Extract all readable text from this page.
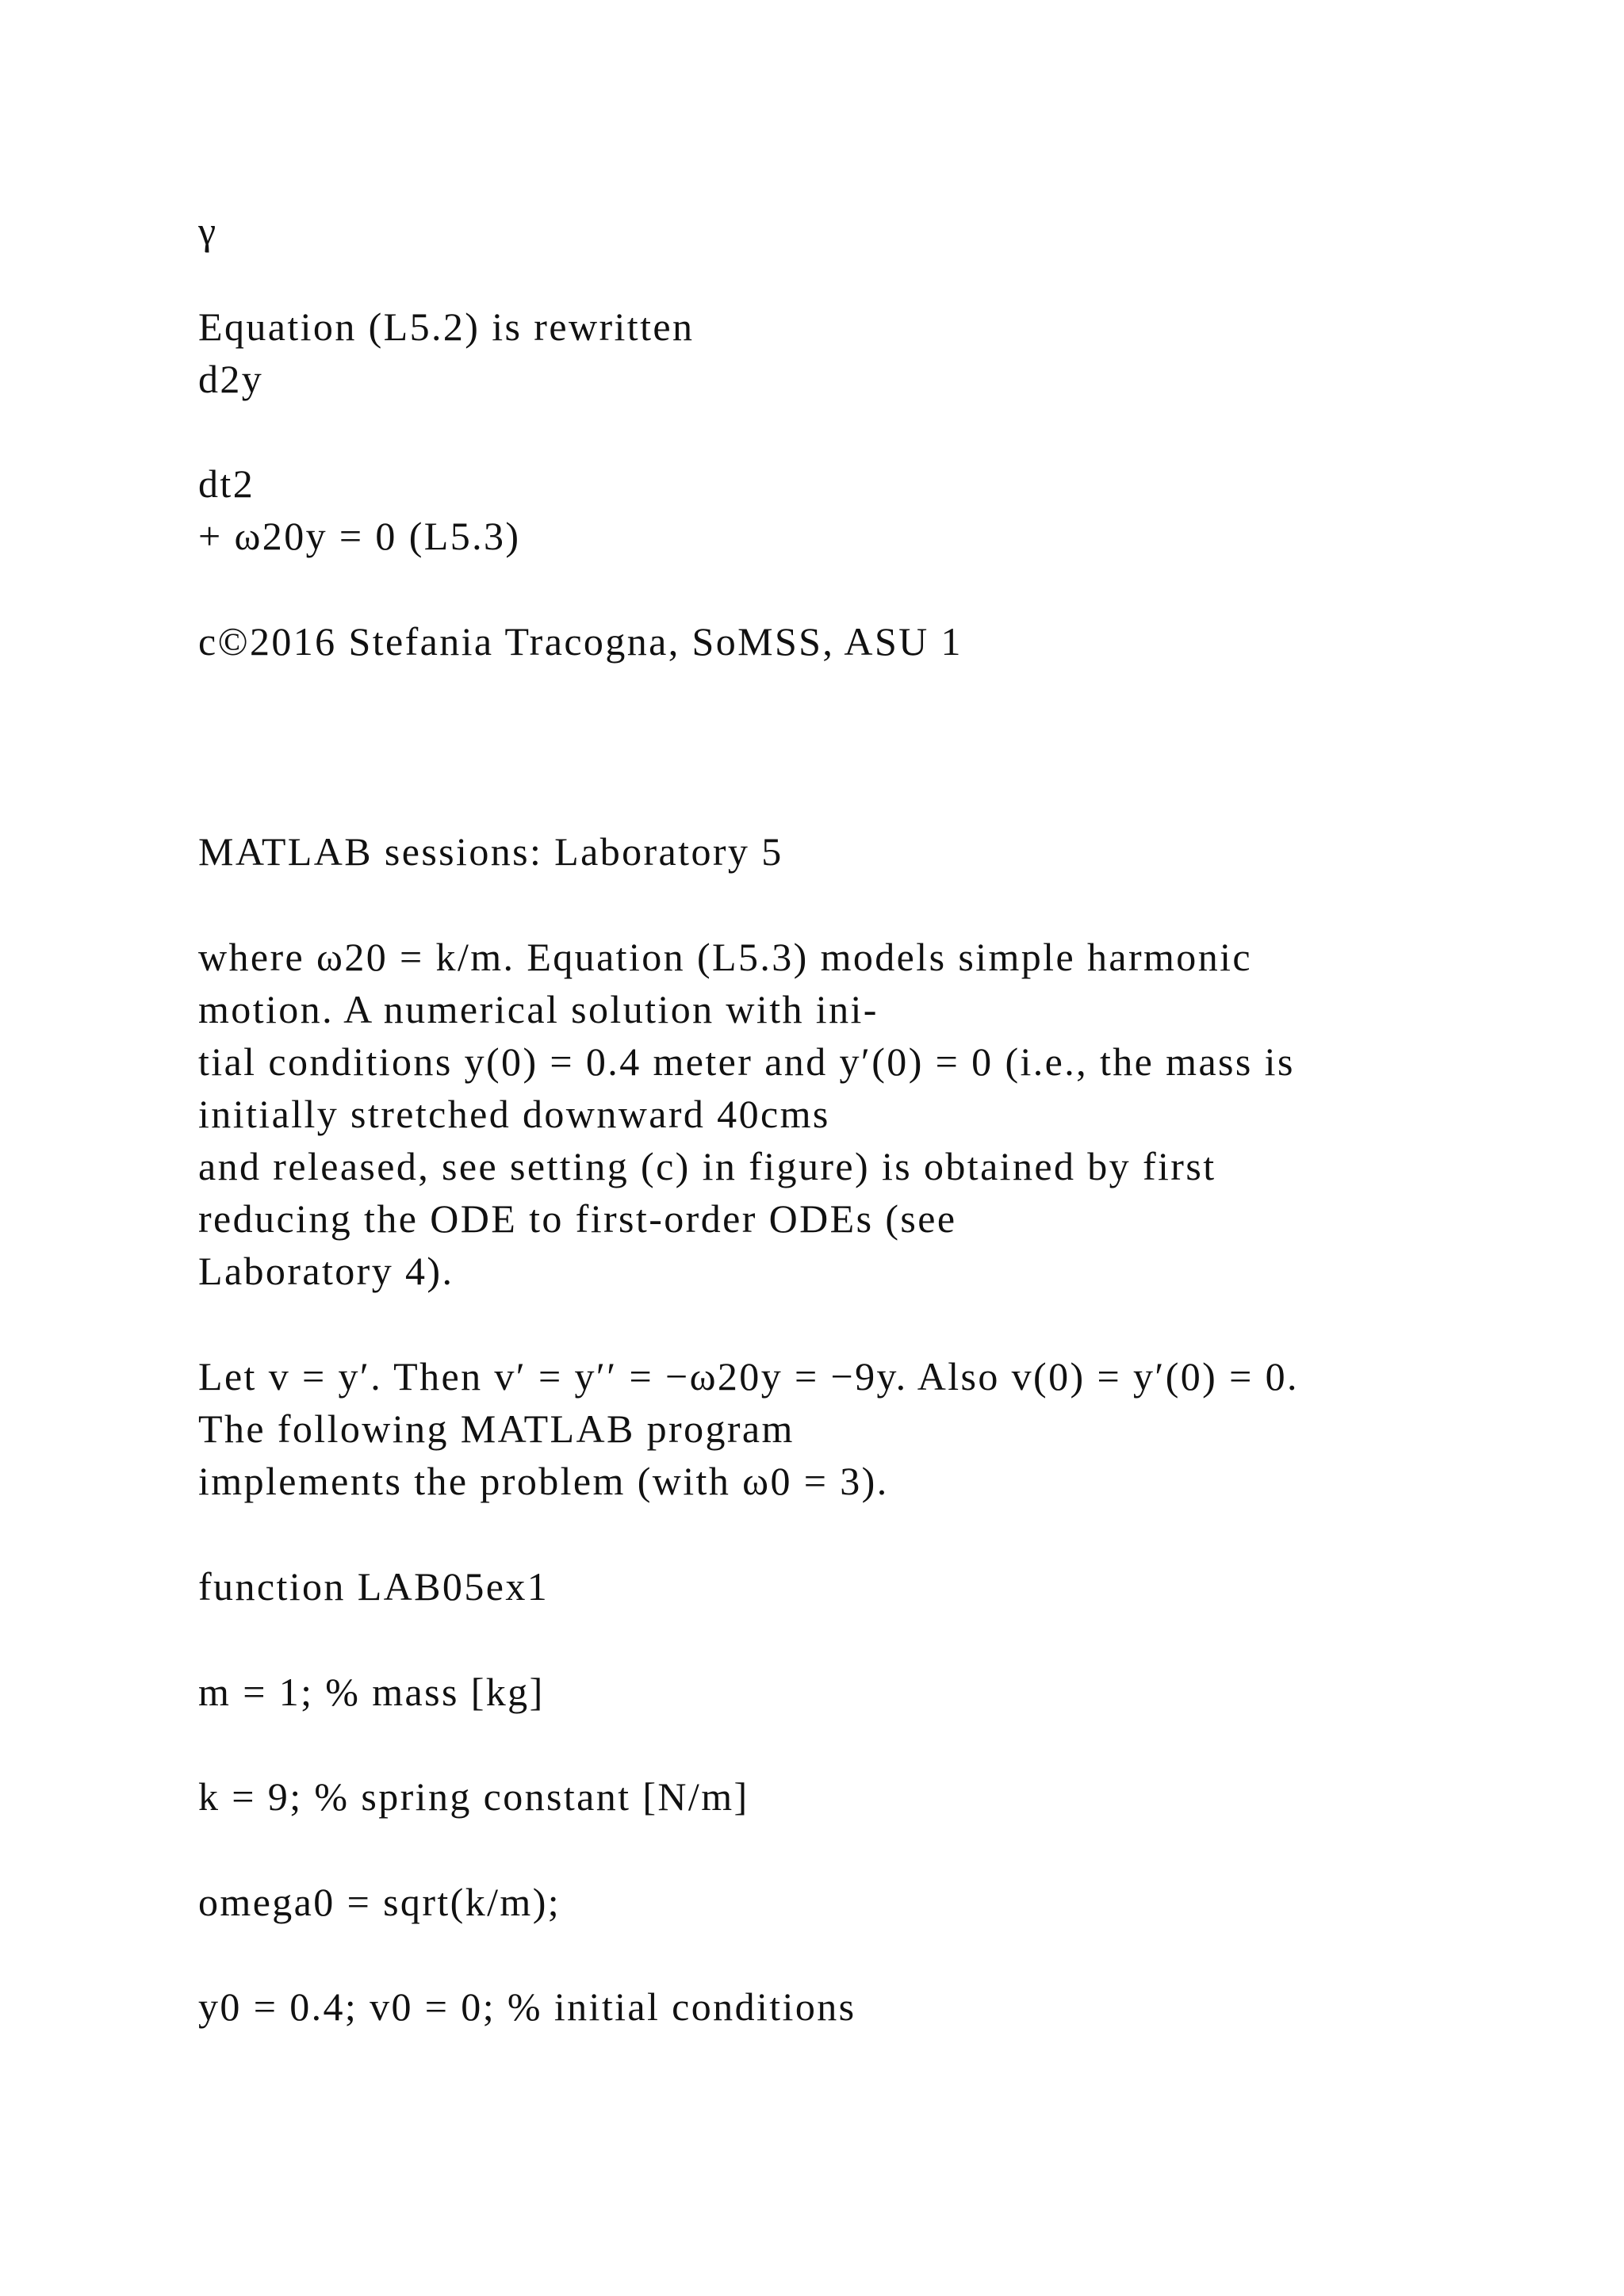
γ
Equation (L5.2) is rewritten
d2y
dt2
+ ω20y = 0 (L5.3)
c©2016 Stefania Tracogna, SoMSS, ASU 1
MATLAB sessions: Laboratory 5
where ω20 = k/m. Equation (L5.3) models simple harmonic
motion. A numerical solution with ini-
tial conditions y(0) = 0.4 meter and y′(0) = 0 (i.e., the mass is
initially stretched downward 40cms
and released, see setting (c) in figure) is obtained by first
reducing the ODE to first-order ODEs (see
Laboratory 4).
Let v = y′. Then v′ = y′′ = −ω20y = −9y. Also v(0) = y′(0) = 0.
The following MATLAB program
implements the problem (with ω0 = 3).
function LAB05ex1
m = 1; % mass [kg]
k = 9; % spring constant [N/m]
omega0 = sqrt(k/m);
y0 = 0.4; v0 = 0; % initial conditions
